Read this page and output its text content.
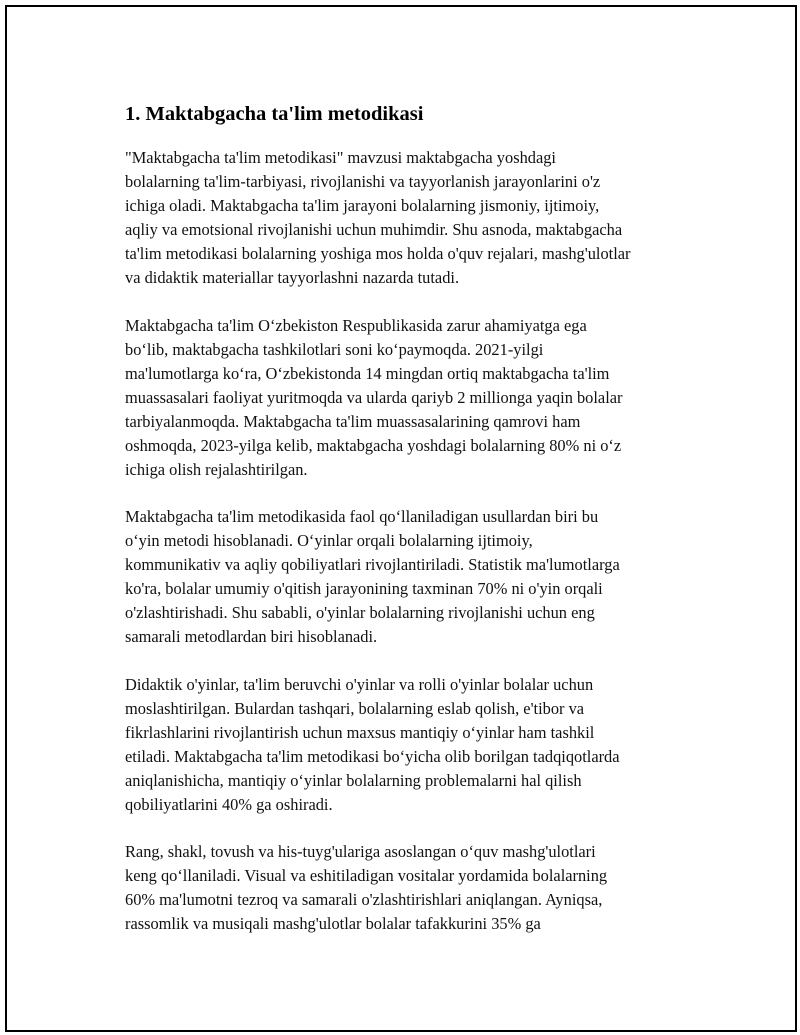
1. Maktabgacha ta'lim metodikasi

"Maktabgacha ta'lim metodikasi" mavzusi maktabgacha yoshdagi
bolalarning ta'lim-tarbiyasi, rivojlanishi va tayyorlanish jarayonlarini o'z
ichiga oladi. Maktabgacha ta'lim jarayoni bolalarning jismoniy, ijtimoiy,
aqliy va emotsional rivojlanishi uchun muhimdir. Shu asnoda, maktabgacha
ta'lim metodikasi bolalarning yoshiga mos holda o'quv rejalari, mashg'ulotlar
va didaktik materiallar tayyorlashni nazarda tutadi.

Maktabgacha ta'lim O‘zbekiston Respublikasida zarur ahamiyatga ega
bo‘lib, maktabgacha tashkilotlari soni ko‘paymoqda. 2021-yilgi
ma'lumotlarga ko‘ra, O‘zbekistonda 14 mingdan ortiq maktabgacha ta'lim
muassasalari faoliyat yuritmoqda va ularda qariyb 2 millionga yaqin bolalar
tarbiyalanmoqda. Maktabgacha ta'lim muassasalarining qamrovi ham
oshmoqda, 2023-yilga kelib, maktabgacha yoshdagi bolalarning 80% ni o‘z
ichiga olish rejalashtirilgan.

Maktabgacha ta'lim metodikasida faol qo‘llaniladigan usullardan biri bu
o‘yin metodi hisoblanadi. O‘yinlar orqali bolalarning ijtimoiy,
kommunikativ va aqliy qobiliyatlari rivojlantiriladi. Statistik ma'lumotlarga
ko'ra, bolalar umumiy o'qitish jarayonining taxminan 70% ni o'yin orqali
o'zlashtirishadi. Shu sababli, o'yinlar bolalarning rivojlanishi uchun eng
samarali metodlardan biri hisoblanadi.

Didaktik o'yinlar, ta'lim beruvchi o'yinlar va rolli o'yinlar bolalar uchun
moslashtirilgan. Bulardan tashqari, bolalarning eslab qolish, e'tibor va
fikrlashlarini rivojlantirish uchun maxsus mantiqiy o‘yinlar ham tashkil
etiladi. Maktabgacha ta'lim metodikasi bo‘yicha olib borilgan tadqiqotlarda
aniqlanishicha, mantiqiy o‘yinlar bolalarning problemalarni hal qilish
qobiliyatlarini 40% ga oshiradi.

Rang, shakl, tovush va his-tuyg'ulariga asoslangan o‘quv mashg'ulotlari
keng qo‘llaniladi. Visual va eshitiladigan vositalar yordamida bolalarning
60% ma'lumotni tezroq va samarali o'zlashtirishlari aniqlangan. Ayniqsa,
rassomlik va musiqali mashg'ulotlar bolalar tafakkurini 35% ga
